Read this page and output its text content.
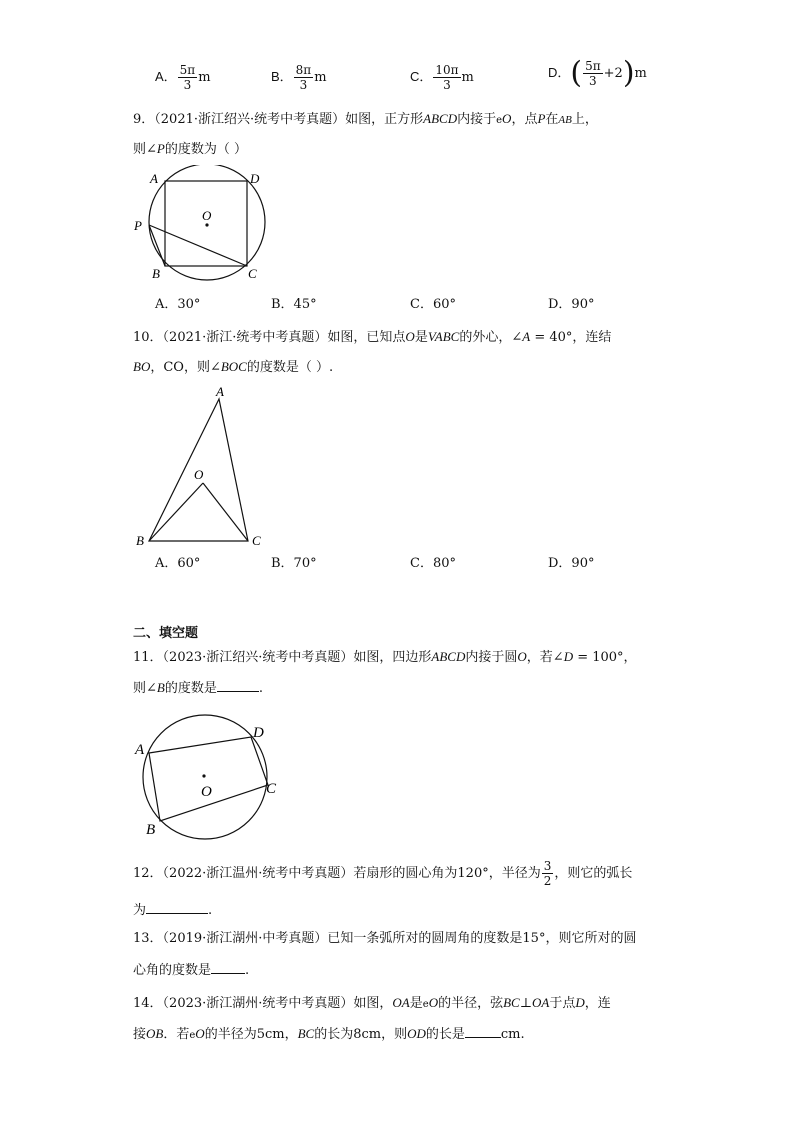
A． $\frac{5\pi}{3}$ m	B． $\frac{8\pi}{3}$ m	C． $\frac{10\pi}{3}$ m	D．( $\frac{5\pi}{3} +2)m$
9．（2021·浙江绍兴·统考中考真题）如图，正方形ABCD内接于eO，点P在AB上，
则∠P的度数为（ ）
A	D
O
P
B	C
A．30°	B．45°	C．60°	D．90°
10．（2021·浙江·统考中考真题）如图，已知点O是VABC的外心，∠A = 40°，连结
BO，CO，则∠BOC的度数是（ ）.
A
O
B	C
A．60°	B．70°	C．80°	D．90°
二、填空题
11．（2023·浙江绍兴·统考中考真题）如图，四边形ABCD内接于圆O，若∠D = 100°，
则∠B的度数是	.
A
D
O	C
B
12．（2022·浙江温州·统考中考真题）若扇形的圆心角为120°，半径为 $\frac{3}{2}$ ，则它的弧长
为	.
13．（2019·浙江湖州·中考真题）已知一条弧所对的圆周角的度数是15°，则它所对的圆
心角的度数是	.
14．（2023·浙江湖州·统考中考真题）如图，OA是eO的半径，弦BC⊥OA于点D，连
接OB．若eO的半径为5cm，BC的长为8cm，则OD的长是	cm.
